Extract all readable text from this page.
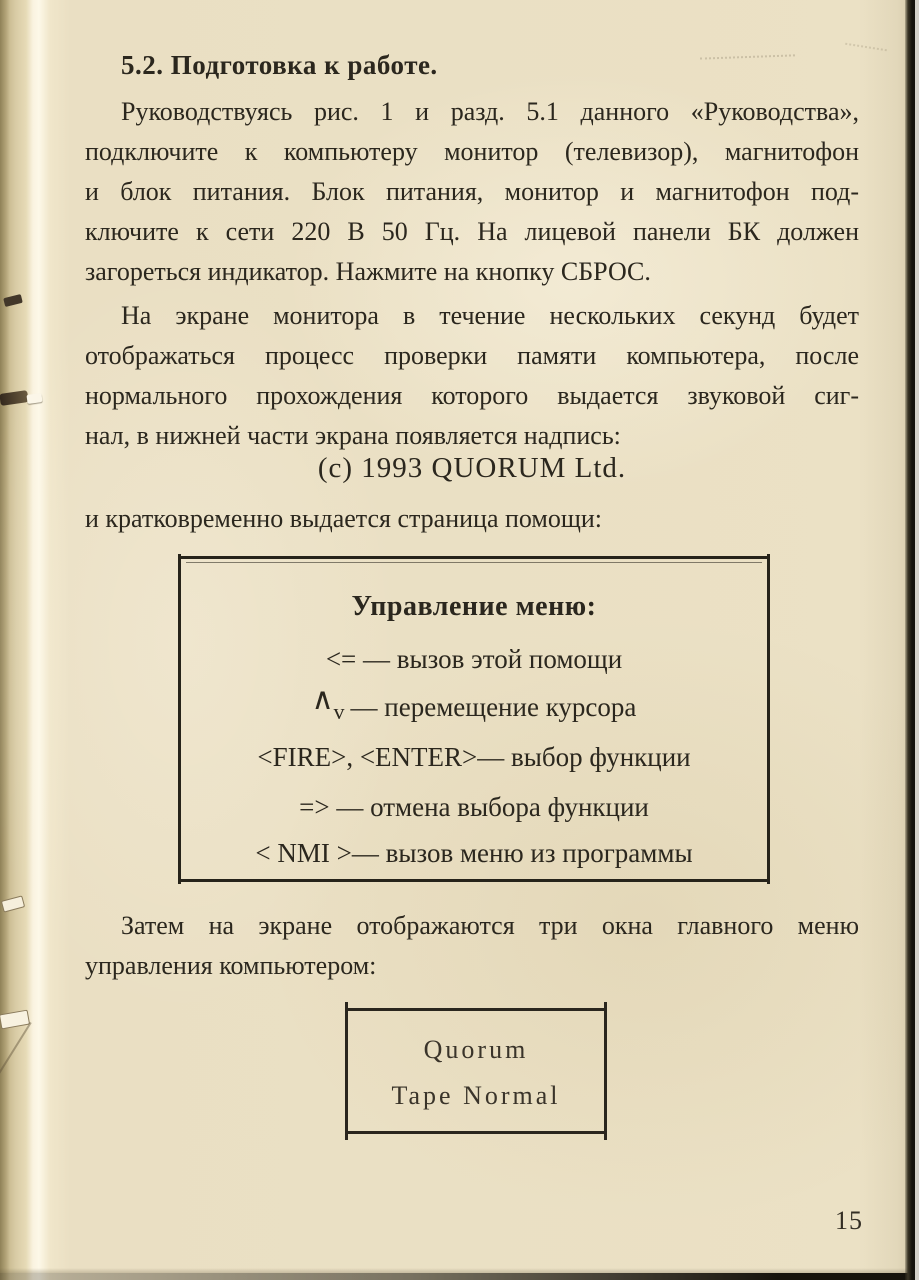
5.2. Подготовка к работе.
Руководствуясь рис. 1 и разд. 5.1 данного «Руководства»,
подключите к компьютеру монитор (телевизор), магнитофон
и блок питания. Блок питания, монитор и магнитофон под-
ключите к сети 220 В 50 Гц. На лицевой панели БК должен
загореться индикатор. Нажмите на кнопку СБРОС.
На экране монитора в течение нескольких секунд будет
отображаться процесс проверки памяти компьютера, после
нормального прохождения которого выдается звуковой сиг-
нал, в нижней части экрана появляется надпись:
(c) 1993 QUORUM Ltd.
и кратковременно выдается страница помощи:
Управление меню:
<= — вызов этой помощи
∧v — перемещение курсора
<FIRE>, <ENTER>— выбор функции
=> — отмена выбора функции
< NMI >— вызов меню из программы
Затем на экране отображаются три окна главного меню
управления компьютером:
Quorum
Tape Normal
15
